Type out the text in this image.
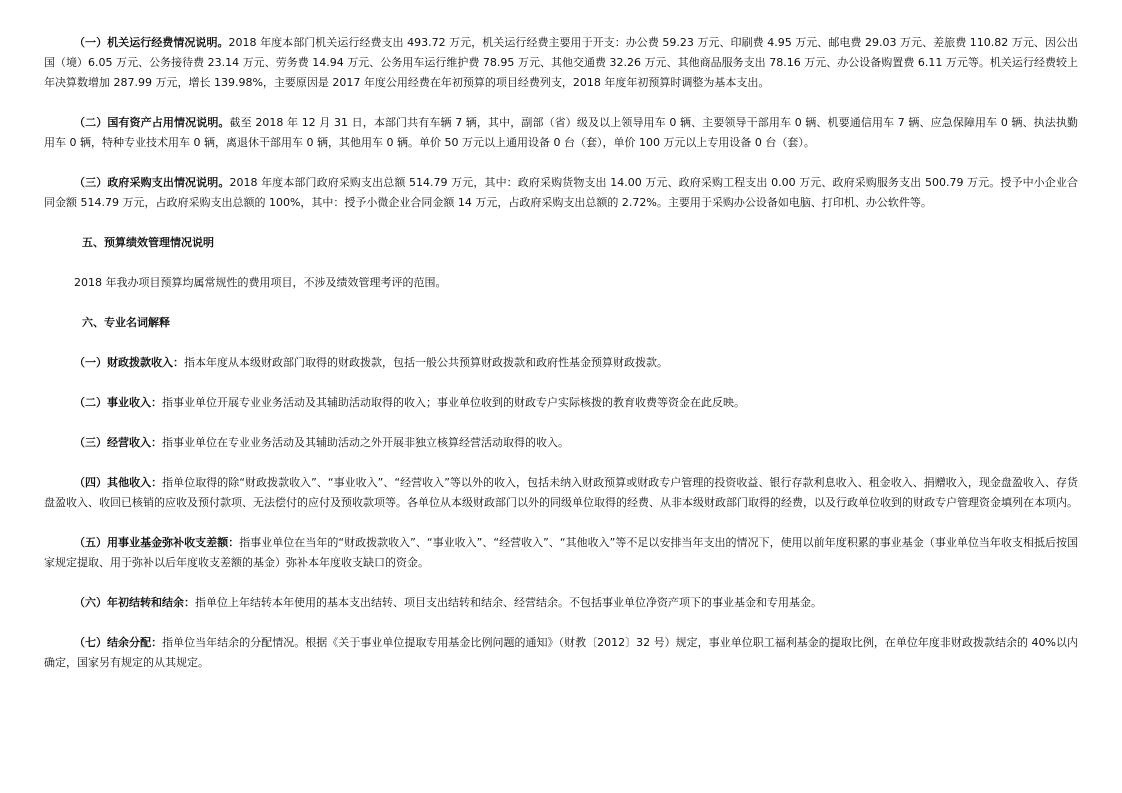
（一）机关运行经费情况说明。2018 年度本部门机关运行经费支出 493.72 万元，机关运行经费主要用于开支：办公费 59.23 万元、印刷费 4.95 万元、邮电费 29.03 万元、差旅费 110.82 万元、因公出国（境）6.05 万元、公务接待费 23.14 万元、劳务费 14.94 万元、公务用车运行维护费 78.95 万元、其他交通费 32.26 万元、其他商品服务支出 78.16 万元、办公设备购置费 6.11 万元等。机关运行经费较上年决算数增加 287.99 万元，增长 139.98%，主要原因是 2017 年度公用经费在年初预算的项目经费列支，2018 年度年初预算时调整为基本支出。

（二）国有资产占用情况说明。截至 2018 年 12 月 31 日，本部门共有车辆 7 辆，其中，副部（省）级及以上领导用车 0 辆、主要领导干部用车 0 辆、机要通信用车 7 辆、应急保障用车 0 辆、执法执勤用车 0 辆，特种专业技术用车 0 辆，离退休干部用车 0 辆，其他用车 0 辆。单价 50 万元以上通用设备 0 台（套），单价 100 万元以上专用设备 0 台（套）。

（三）政府采购支出情况说明。2018 年度本部门政府采购支出总额 514.79 万元，其中：政府采购货物支出 14.00 万元、政府采购工程支出 0.00 万元、政府采购服务支出 500.79 万元。授予中小企业合同金额 514.79 万元，占政府采购支出总额的 100%，其中：授予小微企业合同金额 14 万元，占政府采购支出总额的 2.72%。主要用于采购办公设备如电脑、打印机、办公软件等。

五、预算绩效管理情况说明

2018 年我办项目预算均属常规性的费用项目，不涉及绩效管理考评的范围。

六、专业名词解释

（一）财政拨款收入：指本年度从本级财政部门取得的财政拨款，包括一般公共预算财政拨款和政府性基金预算财政拨款。

（二）事业收入：指事业单位开展专业业务活动及其辅助活动取得的收入；事业单位收到的财政专户实际核拨的教育收费等资金在此反映。

（三）经营收入：指事业单位在专业业务活动及其辅助活动之外开展非独立核算经营活动取得的收入。

（四）其他收入：指单位取得的除“财政拨款收入”、“事业收入”、“经营收入”等以外的收入，包括未纳入财政预算或财政专户管理的投资收益、银行存款利息收入、租金收入、捐赠收入，现金盘盈收入、存货盘盈收入、收回已核销的应收及预付款项、无法偿付的应付及预收款项等。各单位从本级财政部门以外的同级单位取得的经费、从非本级财政部门取得的经费，以及行政单位收到的财政专户管理资金填列在本项内。

（五）用事业基金弥补收支差额：指事业单位在当年的“财政拨款收入”、“事业收入”、“经营收入”、“其他收入”等不足以安排当年支出的情况下，使用以前年度积累的事业基金（事业单位当年收支相抵后按国家规定提取、用于弥补以后年度收支差额的基金）弥补本年度收支缺口的资金。

（六）年初结转和结余：指单位上年结转本年使用的基本支出结转、项目支出结转和结余、经营结余。不包括事业单位净资产项下的事业基金和专用基金。

（七）结余分配：指单位当年结余的分配情况。根据《关于事业单位提取专用基金比例问题的通知》（财教〔2012〕32 号）规定，事业单位职工福利基金的提取比例，在单位年度非财政拨款结余的 40%以内确定，国家另有规定的从其规定。
